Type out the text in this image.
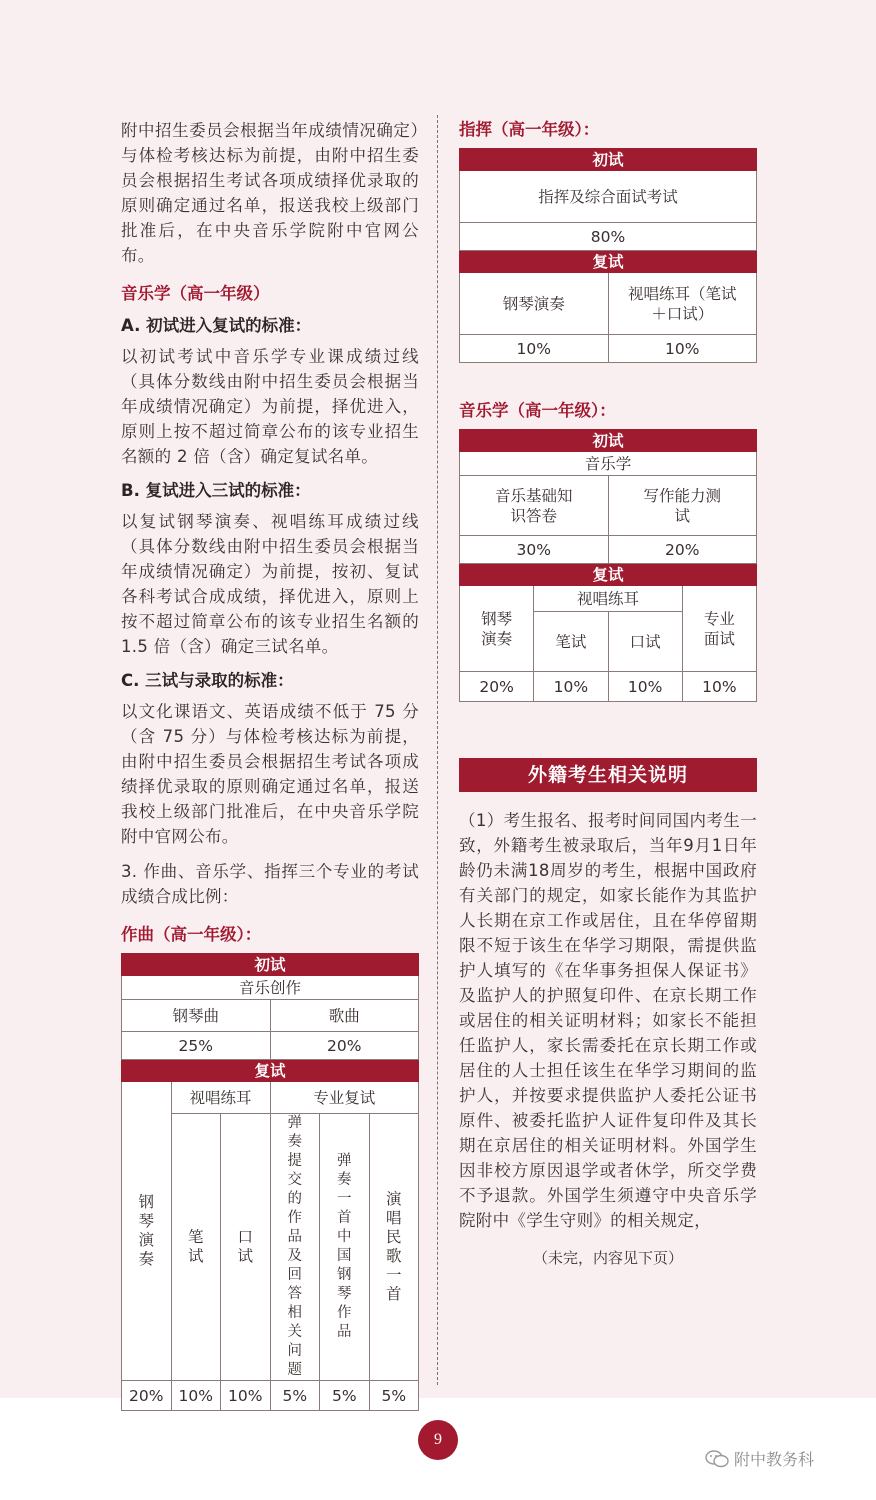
附中招生委员会根据当年成绩情况确定）与体检考核达标为前提，由附中招生委员会根据招生考试各项成绩择优录取的原则确定通过名单，报送我校上级部门批准后，在中央音乐学院附中官网公布。

音乐学（高一年级）
A. 初试进入复试的标准：

以初试考试中音乐学专业课成绩过线（具体分数线由附中招生委员会根据当年成绩情况确定）为前提，择优进入，原则上按不超过简章公布的该专业招生名额的 2 倍（含）确定复试名单。

B. 复试进入三试的标准：

以复试钢琴演奏、视唱练耳成绩过线（具体分数线由附中招生委员会根据当年成绩情况确定）为前提，按初、复试各科考试合成成绩，择优进入，原则上按不超过简章公布的该专业招生名额的 1.5 倍（含）确定三试名单。

C. 三试与录取的标准：

以文化课语文、英语成绩不低于 75 分（含 75 分）与体检考核达标为前提，由附中招生委员会根据招生考试各项成绩择优录取的原则确定通过名单，报送我校上级部门批准后，在中央音乐学院附中官网公布。

3. 作曲、音乐学、指挥三个专业的考试成绩合成比例：

作曲（高一年级）：
初试					
音乐创作					
钢琴曲			歌曲		
25%			20%		
复试					
钢琴演奏	视唱练耳		专业复试		
	笔试	口试	弹奏提交的作品及回答相关问题	弹奏一首中国钢琴作品	演唱民歌一首
20%	10%	10%	5%	5%	5%
指挥（高一年级）：
初试	
指挥及综合面试考试	
80%	
复试	
钢琴演奏	视唱练耳（笔试＋口试）
10%	10%
音乐学（高一年级）：
初试			
音乐学			
音乐基础知识答卷		写作能力测试	
30%		20%	
复试			
钢琴演奏	视唱练耳		专业面试
	笔试	口试	
20%	10%	10%	10%
外籍考生相关说明

（1）考生报名、报考时间同国内考生一致，外籍考生被录取后，当年9月1日年龄仍未满18周岁的考生，根据中国政府有关部门的规定，如家长能作为其监护人长期在京工作或居住，且在华停留期限不短于该生在华学习期限，需提供监护人填写的《在华事务担保人保证书》及监护人的护照复印件、在京长期工作或居住的相关证明材料；如家长不能担任监护人，家长需委托在京长期工作或居住的人士担任该生在华学习期间的监护人，并按要求提供监护人委托公证书原件、被委托监护人证件复印件及其长期在京居住的相关证明材料。外国学生因非校方原因退学或者休学，所交学费不予退款。外国学生须遵守中央音乐学院附中《学生守则》的相关规定，

（未完，内容见下页）
9
附中教务科
